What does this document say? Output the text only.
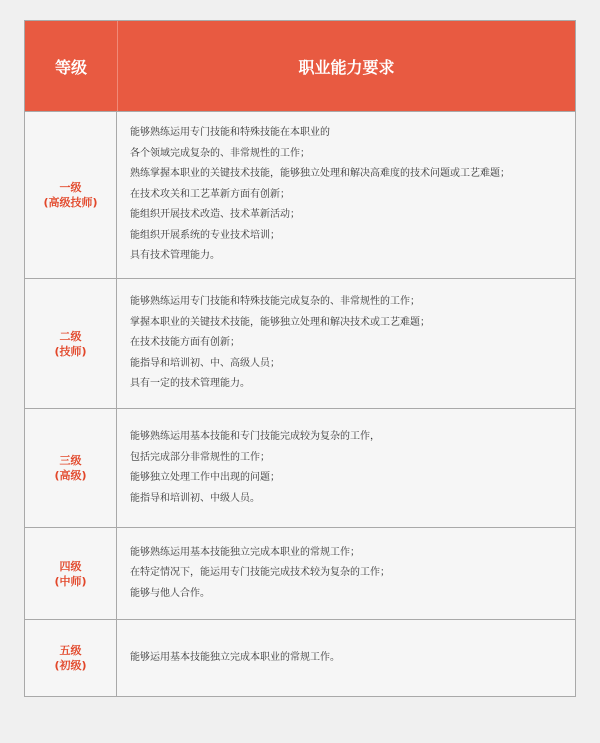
等级	职业能力要求
一级
(高级技师)
能够熟练运用专门技能和特殊技能在本职业的
各个领域完成复杂的、非常规性的工作；
熟练掌握本职业的关键技术技能，能够独立处理和解决高难度的技术问题或工艺难题；
在技术攻关和工艺革新方面有创新；
能组织开展技术改造、技术革新活动；
能组织开展系统的专业技术培训；
具有技术管理能力。
二级
(技师)
能够熟练运用专门技能和特殊技能完成复杂的、非常规性的工作；
掌握本职业的关键技术技能，能够独立处理和解决技术或工艺难题；
在技术技能方面有创新；
能指导和培训初、中、高级人员；
具有一定的技术管理能力。
三级
(高级)
能够熟练运用基本技能和专门技能完成较为复杂的工作，
包括完成部分非常规性的工作；
能够独立处理工作中出现的问题；
能指导和培训初、中级人员。
四级
(中师)
能够熟练运用基本技能独立完成本职业的常规工作；
在特定情况下，能运用专门技能完成技术较为复杂的工作；
能够与他人合作。
五级
(初级)
能够运用基本技能独立完成本职业的常规工作。
